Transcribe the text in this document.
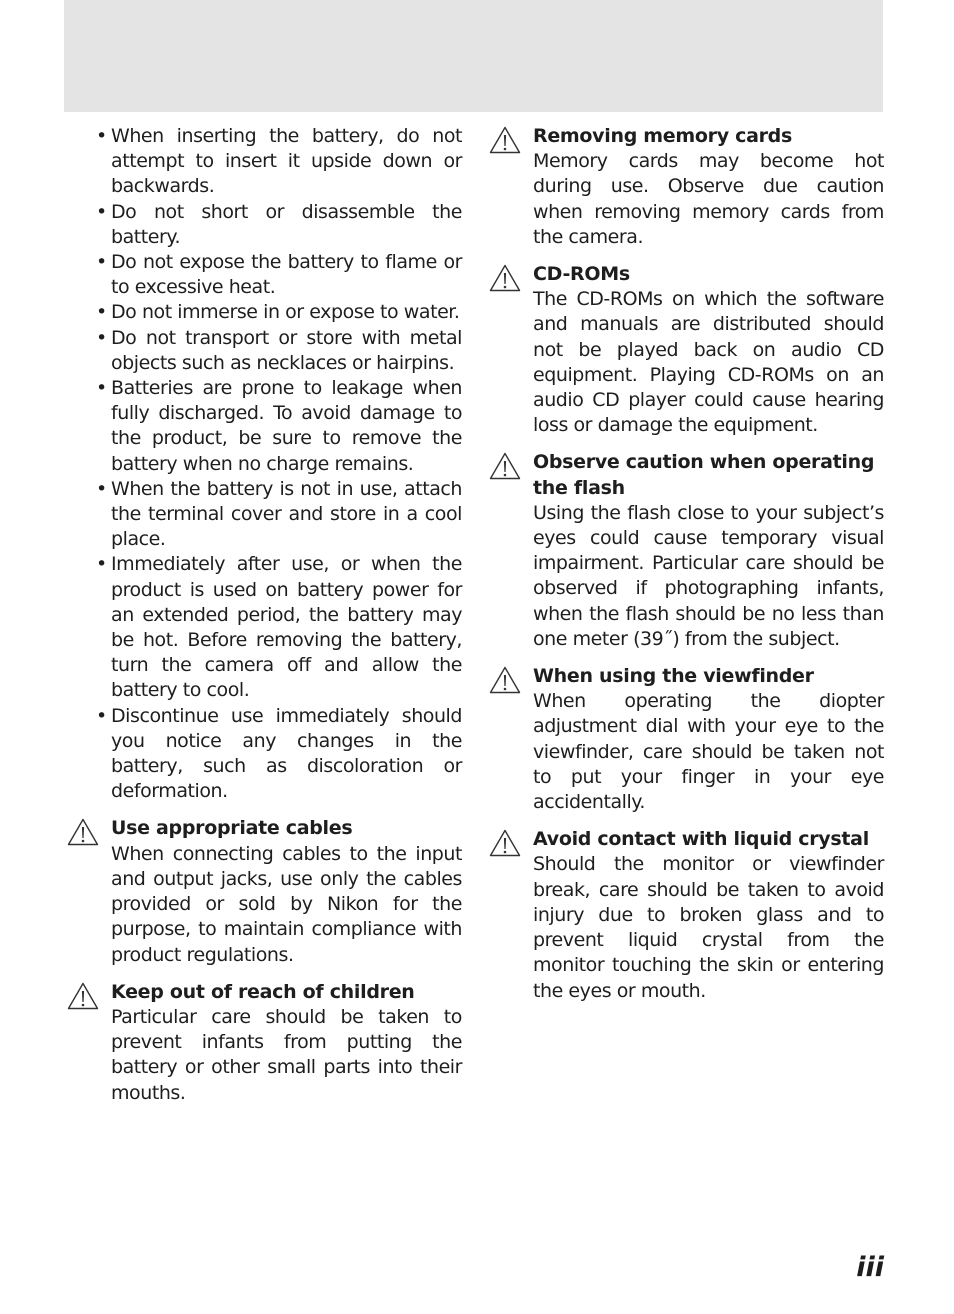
• When inserting the battery, do not attempt to insert it upside down or backwards.
• Do not short or disassemble the battery.
• Do not expose the battery to flame or to excessive heat.
• Do not immerse in or expose to water.
• Do not transport or store with metal objects such as necklaces or hairpins.
• Batteries are prone to leakage when fully discharged. To avoid damage to the product, be sure to remove the battery when no charge remains.
• When the battery is not in use, attach the terminal cover and store in a cool place.
• Immediately after use, or when the product is used on battery power for an extended period, the battery may be hot. Before removing the battery, turn the camera off and allow the battery to cool.
• Discontinue use immediately should you notice any changes in the battery, such as discoloration or deformation.
Use appropriate cables
When connecting cables to the input and output jacks, use only the cables provided or sold by Nikon for the purpose, to maintain compliance with product regulations.
Keep out of reach of children
Particular care should be taken to prevent infants from putting the battery or other small parts into their mouths.
Removing memory cards
Memory cards may become hot during use. Observe due caution when removing memory cards from the camera.
CD-ROMs
The CD-ROMs on which the software and manuals are distributed should not be played back on audio CD equipment. Playing CD-ROMs on an audio CD player could cause hearing loss or damage the equipment.
Observe caution when operating the flash
Using the flash close to your subject’s eyes could cause temporary visual impairment. Particular care should be observed if photographing infants, when the flash should be no less than one meter (39˝) from the subject.
When using the viewfinder
When operating the diopter adjustment dial with your eye to the viewfinder, care should be taken not to put your finger in your eye accidentally.
Avoid contact with liquid crystal
Should the monitor or viewfinder break, care should be taken to avoid injury due to broken glass and to prevent liquid crystal from the monitor touching the skin or entering the eyes or mouth.
iii
